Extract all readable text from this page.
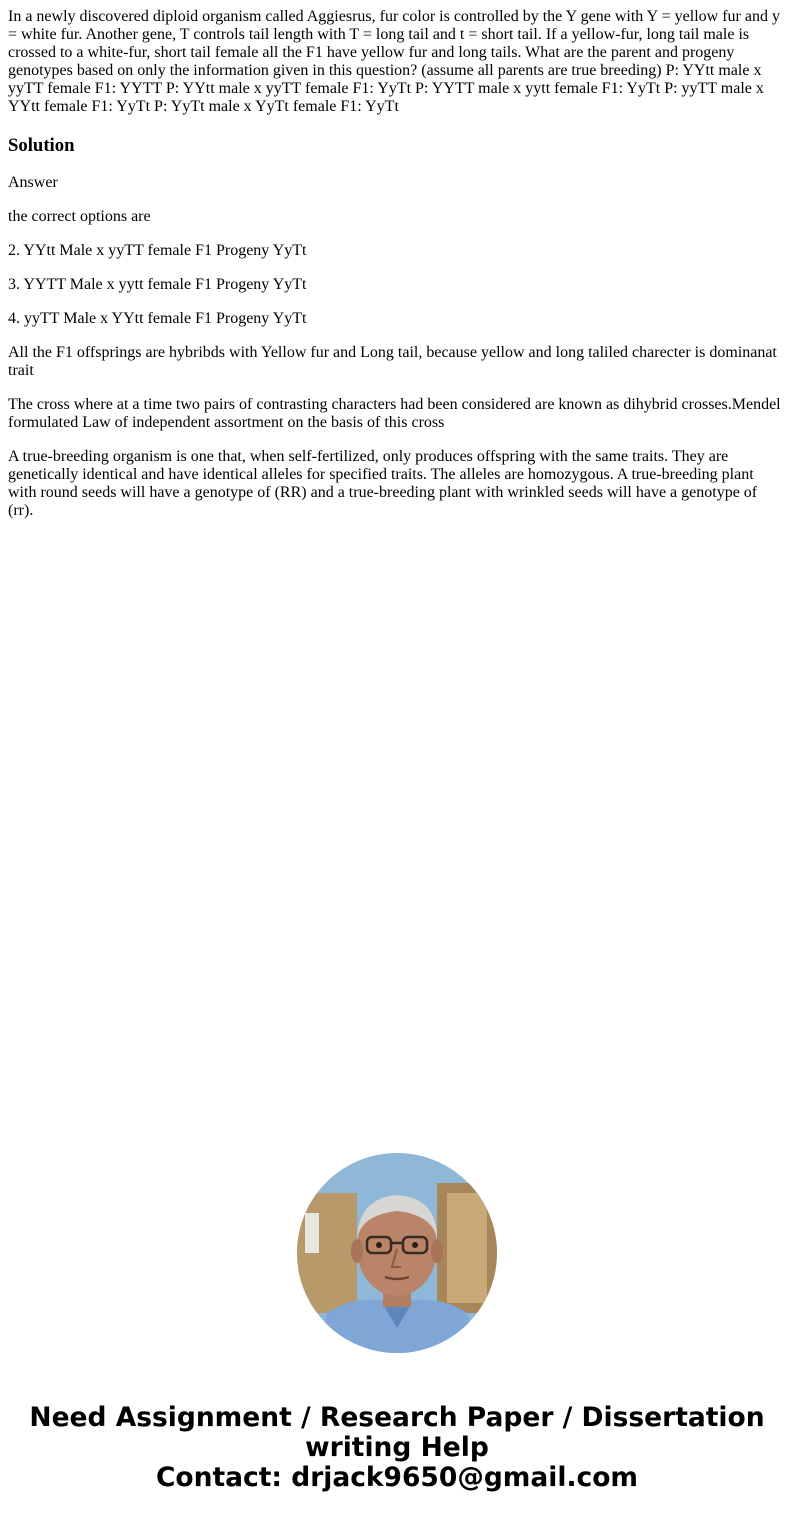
In a newly discovered diploid organism called Aggiesrus, fur color is controlled by the Y gene with Y = yellow fur and y = white fur. Another gene, T controls tail length with T = long tail and t = short tail. If a yellow-fur, long tail male is crossed to a white-fur, short tail female all the F1 have yellow fur and long tails. What are the parent and progeny genotypes based on only the information given in this question? (assume all parents are true breeding) P: YYtt male x yyTT female F1: YYTT P: YYtt male x yyTT female F1: YyTt P: YYTT male x yytt female F1: YyTt P: yyTT male x YYtt female F1: YyTt P: YyTt male x YyTt female F1: YyTt

Solution

Answer

the correct options are

2. YYtt Male x yyTT female F1 Progeny YyTt

3. YYTT Male x yytt female F1 Progeny YyTt

4. yyTT Male x YYtt female F1 Progeny YyTt

All the F1 offsprings are hybribds with Yellow fur and Long tail, because yellow and long taliled charecter is dominanat trait

The cross where at a time two pairs of contrasting characters had been considered are known as dihybrid crosses.Mendel formulated Law of independent assortment on the basis of this cross

A true-breeding organism is one that, when self-fertilized, only produces offspring with the same traits. They are genetically identical and have identical alleles for specified traits. The alleles are homozygous. A true-breeding plant with round seeds will have a genotype of (RR) and a true-breeding plant with wrinkled seeds will have a genotype of (rr).

Need Assignment / Research Paper / Dissertation writing Help
Contact: drjack9650@gmail.com
